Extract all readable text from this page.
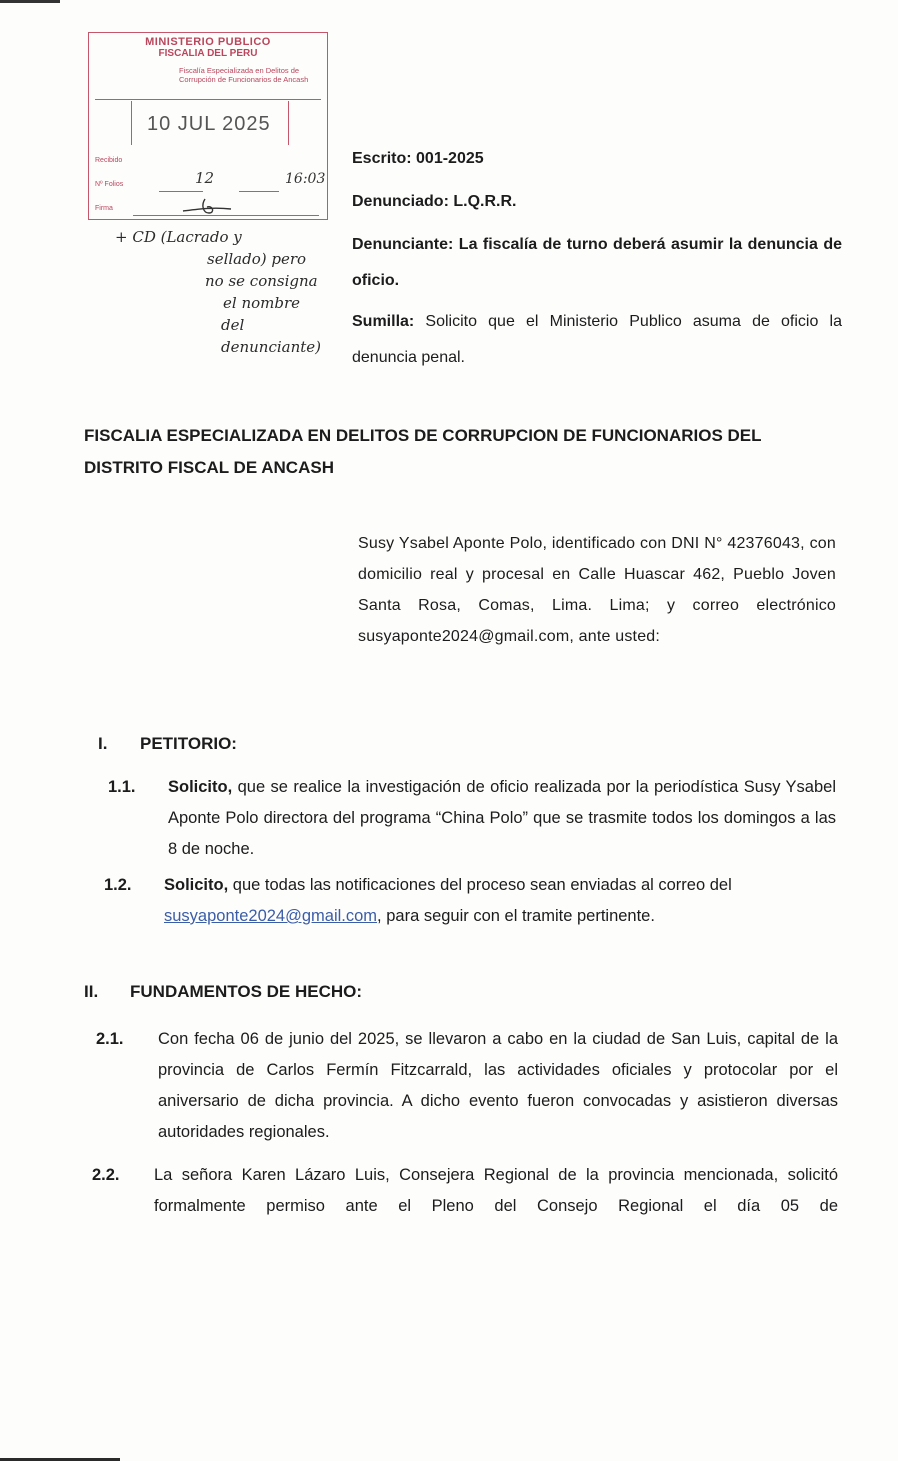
MINISTERIO PUBLICO
FISCALIA DEL PERU
Fiscalía Especializada en Delitos de Corrupción de Funcionarios de Ancash
10 JUL 2025
Recibido
Nº Folios	12	16:03
Firma
+ CD (Lacrado y
sellado) pero
no se consigna
el nombre
del denunciante)
Escrito: 001-2025
Denunciado: L.Q.R.R.
Denunciante: La fiscalía de turno deberá asumir la denuncia de oficio.
Sumilla: Solicito que el Ministerio Publico asuma de oficio la denuncia penal.
FISCALIA ESPECIALIZADA EN DELITOS DE CORRUPCION DE FUNCIONARIOS DEL DISTRITO FISCAL DE ANCASH
Susy Ysabel Aponte Polo, identificado con DNI N° 42376043, con domicilio real y procesal en Calle Huascar 462, Pueblo Joven Santa Rosa, Comas, Lima. Lima; y correo electrónico susyaponte2024@gmail.com, ante usted:
I. PETITORIO:
1.1. Solicito, que se realice la investigación de oficio realizada por la periodística Susy Ysabel Aponte Polo directora del programa “China Polo” que se trasmite todos los domingos a las 8 de noche.
1.2. Solicito, que todas las notificaciones del proceso sean enviadas al correo del
susyaponte2024@gmail.com, para seguir con el tramite pertinente.
II. FUNDAMENTOS DE HECHO:
2.1. Con fecha 06 de junio del 2025, se llevaron a cabo en la ciudad de San Luis, capital de la provincia de Carlos Fermín Fitzcarrald, las actividades oficiales y protocolar por el aniversario de dicha provincia. A dicho evento fueron convocadas y asistieron diversas autoridades regionales.
2.2. La señora Karen Lázaro Luis, Consejera Regional de la provincia mencionada, solicitó formalmente permiso ante el Pleno del Consejo Regional el día 05 de
